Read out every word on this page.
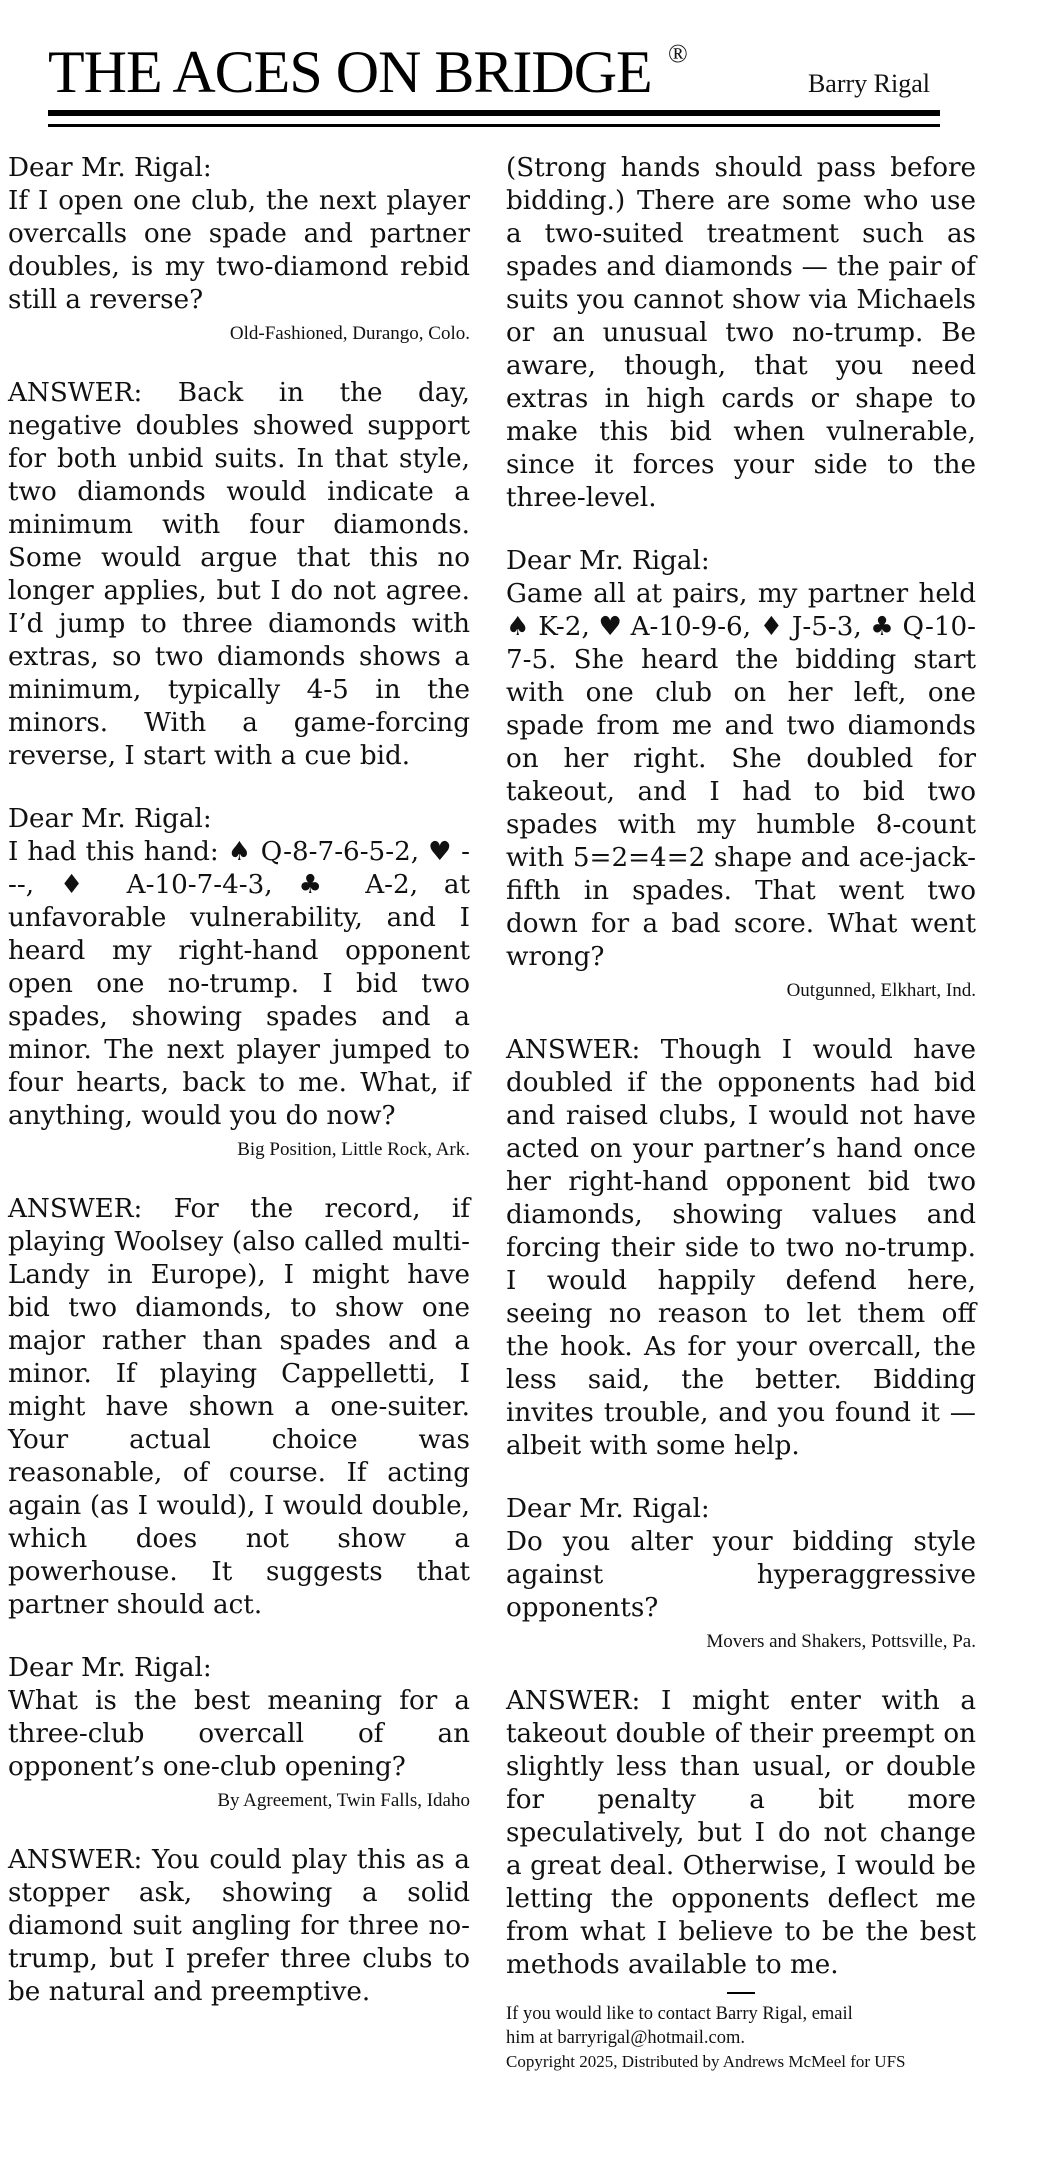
THE ACES ON BRIDGE ®
Barry Rigal

Dear Mr. Rigal:

If I open one club, the next player overcalls one spade and partner doubles, is my two-diamond rebid still a reverse?

Old-Fashioned, Durango, Colo.

ANSWER: Back in the day, negative doubles showed support for both unbid suits. In that style, two diamonds would indicate a minimum with four diamonds. Some would argue that this no longer applies, but I do not agree. I’d jump to three diamonds with extras, so two diamonds shows a minimum, typically 4-5 in the minors. With a game-forcing reverse, I start with a cue bid.

Dear Mr. Rigal:

I had this hand: ♠ Q-8-7-6-5-2, ♥ ---, ♦ A-10-7-4-3, ♣ A-2, at unfavorable vulnerability, and I heard my right-hand opponent open one no-trump. I bid two spades, showing spades and a minor. The next player jumped to four hearts, back to me. What, if anything, would you do now?

Big Position, Little Rock, Ark.

ANSWER: For the record, if playing Woolsey (also called multi-Landy in Europe), I might have bid two diamonds, to show one major rather than spades and a minor. If playing Cappelletti, I might have shown a one-suiter. Your actual choice was reasonable, of course. If acting again (as I would), I would double, which does not show a powerhouse. It suggests that partner should act.

Dear Mr. Rigal:

What is the best meaning for a three-club overcall of an opponent’s one-club opening?

By Agreement, Twin Falls, Idaho

ANSWER: You could play this as a stopper ask, showing a solid diamond suit angling for three no-trump, but I prefer three clubs to be natural and preemptive.

(Strong hands should pass before bidding.) There are some who use a two-suited treatment such as spades and diamonds — the pair of suits you cannot show via Michaels or an unusual two no-trump. Be aware, though, that you need extras in high cards or shape to make this bid when vulnerable, since it forces your side to the three-level.

Dear Mr. Rigal:

Game all at pairs, my partner held ♠ K-2, ♥ A-10-9-6, ♦ J-5-3, ♣ Q-10-7-5. She heard the bidding start with one club on her left, one spade from me and two diamonds on her right. She doubled for takeout, and I had to bid two spades with my humble 8-count with 5=2=4=2 shape and ace-jack-fifth in spades. That went two down for a bad score. What went wrong?

Outgunned, Elkhart, Ind.

ANSWER: Though I would have doubled if the opponents had bid and raised clubs, I would not have acted on your partner’s hand once her right-hand opponent bid two diamonds, showing values and forcing their side to two no-trump. I would happily defend here, seeing no reason to let them off the hook. As for your overcall, the less said, the better. Bidding invites trouble, and you found it — albeit with some help.

Dear Mr. Rigal:

Do you alter your bidding style against hyperaggressive opponents?

Movers and Shakers, Pottsville, Pa.

ANSWER: I might enter with a takeout double of their preempt on slightly less than usual, or double for penalty a bit more speculatively, but I do not change a great deal. Otherwise, I would be letting the opponents deflect me from what I believe to be the best methods available to me.

If you would like to contact Barry Rigal, email
him at barryrigal@hotmail.com.
Copyright 2025, Distributed by Andrews McMeel for UFS
